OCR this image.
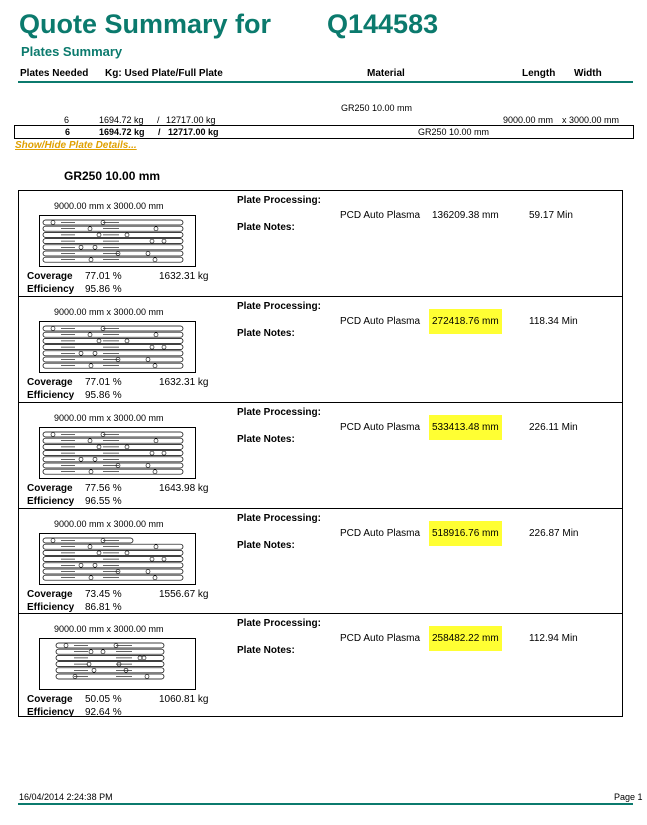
Quote Summary for Q144583
Plates Summary
Plates Needed Kg: Used Plate/Full Plate	Material	Length Width
GR250 10.00 mm
6	1694.72 kg / 12717.00 kg	9000.00 mm x 3000.00 mm
6	1694.72 kg / 12717.00 kg	GR250 10.00 mm
Show/Hide Plate Details...
GR250 10.00 mm
9000.00 mm x 3000.00 mm
Coverage 77.01 %	1632.31 kg
Efficiency 95.86 %
Plate Processing:
Plate Notes:
PCD Auto Plasma 136209.38 mm	59.17 Min
9000.00 mm x 3000.00 mm
Coverage 77.01 %	1632.31 kg
Efficiency 95.86 %
Plate Processing:
Plate Notes:
PCD Auto Plasma	272418.76 mm	118.34 Min
9000.00 mm x 3000.00 mm
Coverage 77.56 %	1643.98 kg
Efficiency 96.55 %
Plate Processing:
Plate Notes:
PCD Auto Plasma	533413.48 mm	226.11 Min
9000.00 mm x 3000.00 mm
Coverage 73.45 %	1556.67 kg
Efficiency 86.81 %
Plate Processing:
Plate Notes:
PCD Auto Plasma	518916.76 mm	226.87 Min
9000.00 mm x 3000.00 mm
Coverage 50.05 %	1060.81 kg
Efficiency 92.64 %
Plate Processing:
Plate Notes:
PCD Auto Plasma	258482.22 mm	112.94 Min
16/04/2014 2:24:38 PM	Page 1
